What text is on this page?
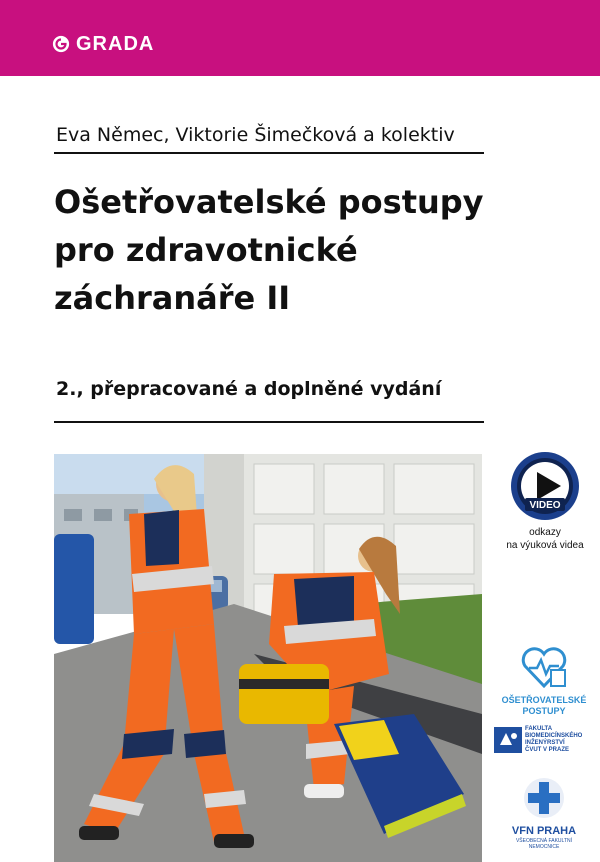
GRADA
Eva Němec, Viktorie Šimečková a kolektiv
Ošetřovatelské postupy
pro zdravotnické
záchranáře II
2., přepracované a doplněné vydání
VIDEO
odkazy
na výuková videa
OŠETŘOVATELSKÉ
POSTUPY
FAKULTA
BIOMEDICÍNSKÉHO
INŽENÝRSTVÍ
ČVUT V PRAZE
VFN PRAHA
VŠEOBECNÁ FAKULTNÍ
NEMOCNICE
